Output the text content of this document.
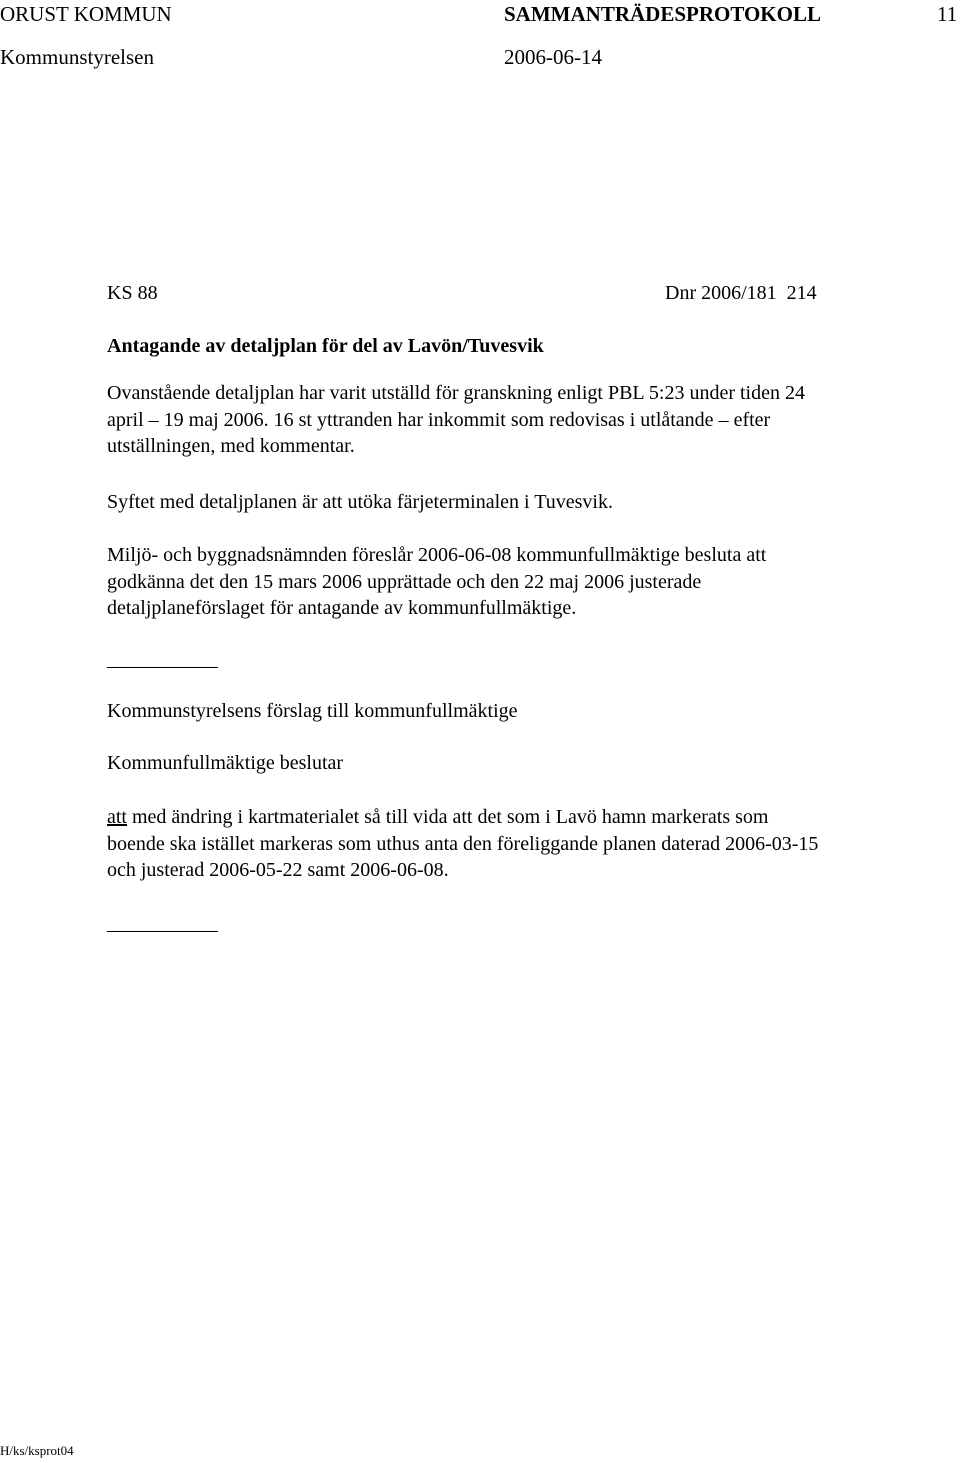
ORUST KOMMUN	SAMMANTRÄDESPROTOKOLL	11
Kommunstyrelsen	2006-06-14
KS 88	Dnr 2006/181  214
Antagande av detaljplan för del av Lavön/Tuvesvik
Ovanstående detaljplan har varit utställd för granskning enligt PBL 5:23 under tiden 24
april – 19 maj 2006. 16 st yttranden har inkommit som redovisas i utlåtande – efter
utställningen, med kommentar.
Syftet med detaljplanen är att utöka färjeterminalen i Tuvesvik.
Miljö- och byggnadsnämnden föreslår 2006-06-08 kommunfullmäktige besluta att
godkänna det den 15 mars 2006 upprättade och den 22 maj 2006 justerade
detaljplaneförslaget för antagande av kommunfullmäktige.
Kommunstyrelsens förslag till kommunfullmäktige
Kommunfullmäktige beslutar
att med ändring i kartmaterialet så till vida att det som i Lavö hamn markerats som
boende ska istället markeras som uthus anta den föreliggande planen daterad 2006-03-15
och justerad 2006-05-22 samt 2006-06-08.
H/ks/ksprot04
